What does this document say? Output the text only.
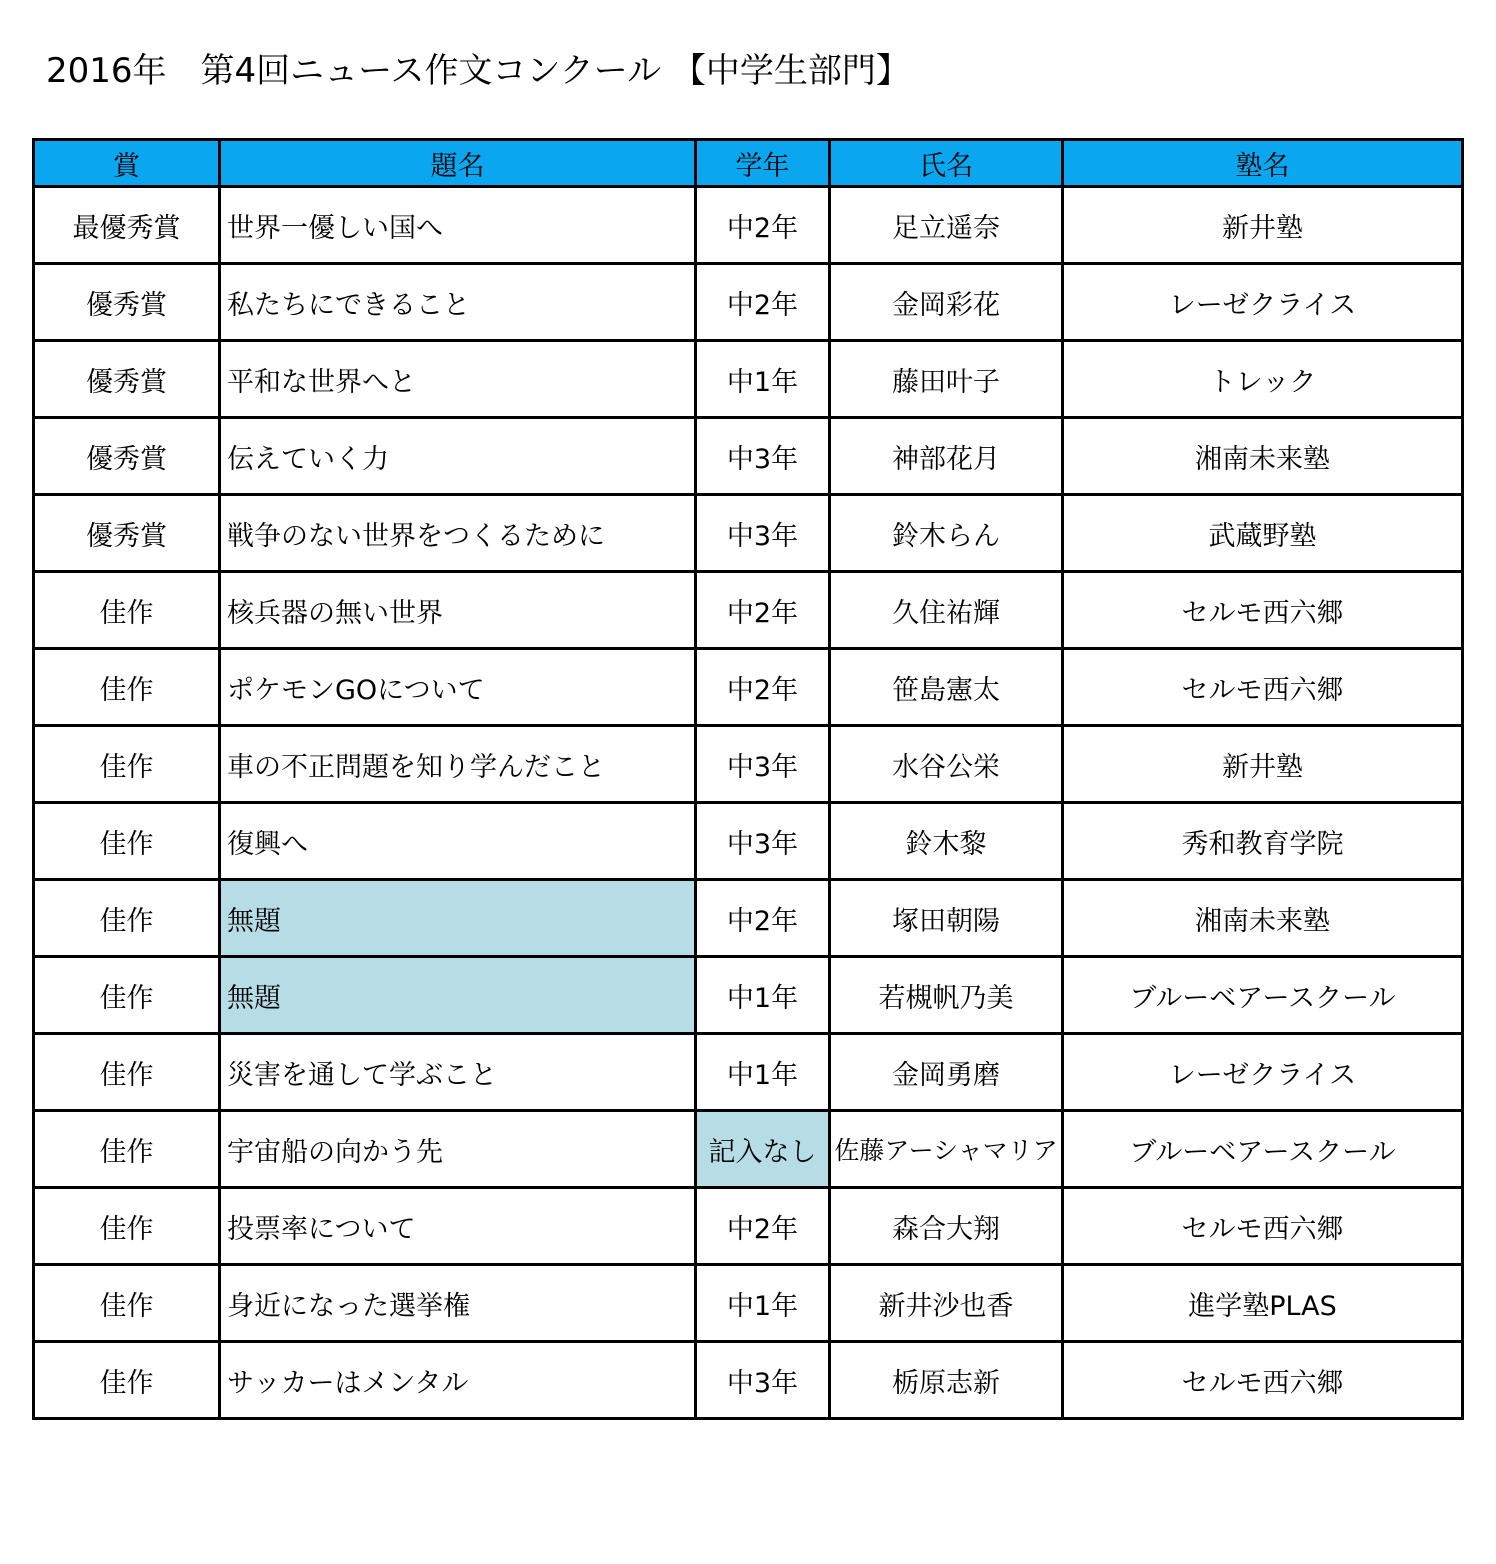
2016年　第4回ニュース作文コンクール 【中学生部門】
賞	題名	学年	氏名	塾名
最優秀賞	世界一優しい国へ	中2年	足立遥奈	新井塾
優秀賞	私たちにできること	中2年	金岡彩花	レーゼクライス
優秀賞	平和な世界へと	中1年	藤田叶子	トレック
優秀賞	伝えていく力	中3年	神部花月	湘南未来塾
優秀賞	戦争のない世界をつくるために	中3年	鈴木らん	武蔵野塾
佳作	核兵器の無い世界	中2年	久住祐輝	セルモ西六郷
佳作	ポケモンGOについて	中2年	笹島憲太	セルモ西六郷
佳作	車の不正問題を知り学んだこと	中3年	水谷公栄	新井塾
佳作	復興へ	中3年	鈴木黎	秀和教育学院
佳作	無題	中2年	塚田朝陽	湘南未来塾
佳作	無題	中1年	若槻帆乃美	ブルーベアースクール
佳作	災害を通して学ぶこと	中1年	金岡勇磨	レーゼクライス
佳作	宇宙船の向かう先	記入なし	佐藤アーシャマリア	ブルーベアースクール
佳作	投票率について	中2年	森合大翔	セルモ西六郷
佳作	身近になった選挙権	中1年	新井沙也香	進学塾PLAS
佳作	サッカーはメンタル	中3年	栃原志新	セルモ西六郷
